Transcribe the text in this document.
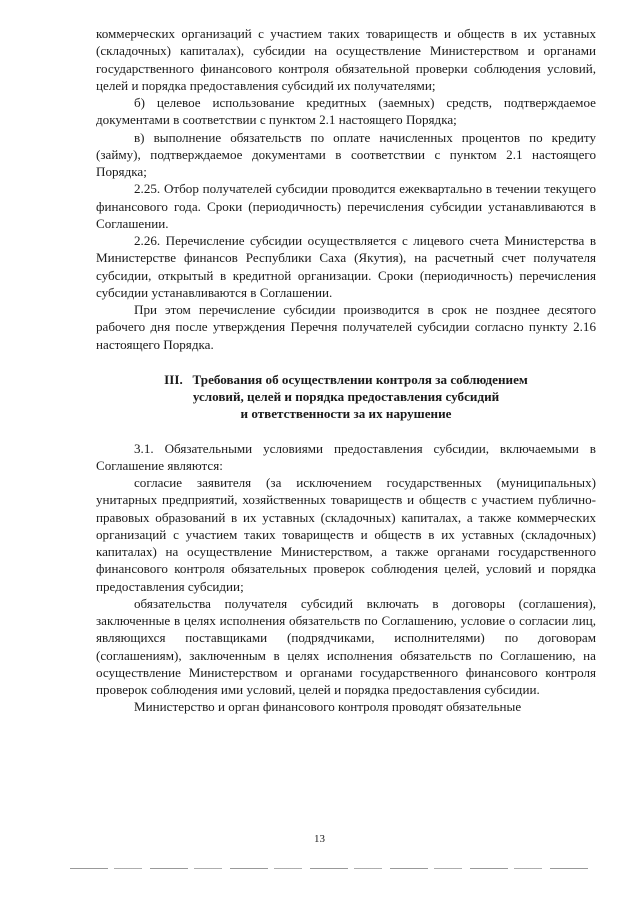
коммерческих организаций с участием таких товариществ и обществ в их уставных (складочных) капиталах), субсидии на осуществление Министерством и органами государственного финансового контроля обязательной проверки соблюдения условий, целей и порядка предоставления субсидий их получателями;

б) целевое использование кредитных (заемных) средств, подтверждаемое документами в соответствии с пунктом 2.1 настоящего Порядка;

в) выполнение обязательств по оплате начисленных процентов по кредиту (займу), подтверждаемое документами в соответствии с пунктом 2.1 настоящего Порядка;

2.25. Отбор получателей субсидии проводится ежеквартально в течении текущего финансового года. Сроки (периодичность) перечисления субсидии устанавливаются в Соглашении.

2.26. Перечисление субсидии осуществляется с лицевого счета Министерства в Министерстве финансов Республики Саха (Якутия), на расчетный счет получателя субсидии, открытый в кредитной организации. Сроки (периодичность) перечисления субсидии устанавливаются в Соглашении.

При этом перечисление субсидии производится в срок не позднее десятого рабочего дня после утверждения Перечня получателей субсидии согласно пункту 2.16 настоящего Порядка.

III.   Требования об осуществлении контроля за соблюдением
условий, целей и порядка предоставления субсидий
и ответственности за их нарушение

3.1. Обязательными условиями предоставления субсидии, включаемыми в Соглашение являются:

согласие заявителя (за исключением государственных (муниципальных) унитарных предприятий, хозяйственных товариществ и обществ с участием публично-правовых образований в их уставных (складочных) капиталах, а также коммерческих организаций с участием таких товариществ и обществ в их уставных (складочных) капиталах) на осуществление Министерством, а также органами государственного финансового контроля обязательных проверок соблюдения целей, условий и порядка предоставления субсидии;

обязательства получателя субсидий включать в договоры (соглашения), заключенные в целях исполнения обязательств по Соглашению, условие о согласии лиц, являющихся поставщиками (подрядчиками, исполнителями) по договорам (соглашениям), заключенным в целях исполнения обязательств по Соглашению, на осуществление Министерством и органами государственного финансового контроля проверок соблюдения ими условий, целей и порядка предоставления субсидии.

Министерство и орган финансового контроля проводят обязательные

13
